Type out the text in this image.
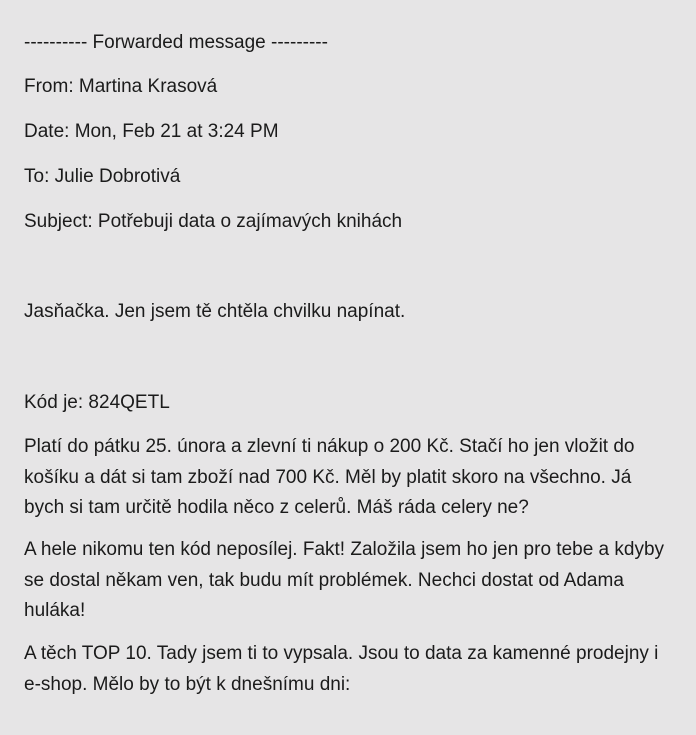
---------- Forwarded message ---------

From: Martina Krasová

Date: Mon, Feb 21 at 3:24 PM

To: Julie Dobrotivá

Subject: Potřebuji data o zajímavých knihách

Jasňačka. Jen jsem tě chtěla chvilku napínat.

Kód je: 824QETL

Platí do pátku 25. února a zlevní ti nákup o 200 Kč. Stačí ho jen vložit do košíku a dát si tam zboží nad 700 Kč. Měl by platit skoro na všechno. Já bych si tam určitě hodila něco z celerů. Máš ráda celery ne?

A hele nikomu ten kód neposílej. Fakt! Založila jsem ho jen pro tebe a kdyby se dostal někam ven, tak budu mít problémek. Nechci dostat od Adama huláka!

A těch TOP 10. Tady jsem ti to vypsala. Jsou to data za kamenné prodejny i e-shop. Mělo by to být k dnešnímu dni:
